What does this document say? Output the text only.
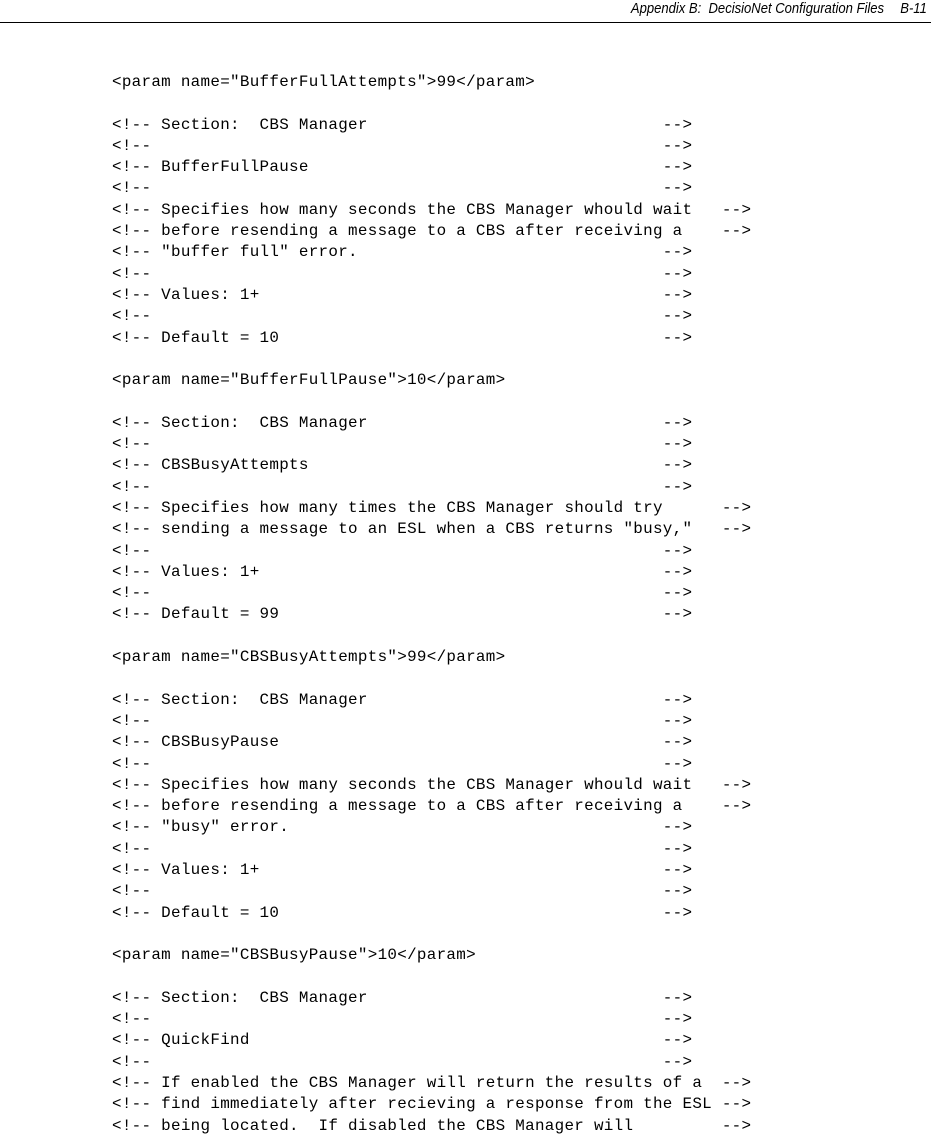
Appendix B:  DecisioNet Configuration Files B-11
<param name="BufferFullAttempts">99</param>
<!-- Section:  CBS Manager                              -->
<!--                                                    -->
<!-- BufferFullPause                                    -->
<!--                                                    -->
<!-- Specifies how many seconds the CBS Manager whould wait   -->
<!-- before resending a message to a CBS after receiving a    -->
<!-- "buffer full" error.                               -->
<!--                                                    -->
<!-- Values: 1+                                         -->
<!--                                                    -->
<!-- Default = 10                                       -->
<param name="BufferFullPause">10</param>
<!-- Section:  CBS Manager                              -->
<!--                                                    -->
<!-- CBSBusyAttempts                                    -->
<!--                                                    -->
<!-- Specifies how many times the CBS Manager should try      -->
<!-- sending a message to an ESL when a CBS returns "busy,"   -->
<!--                                                    -->
<!-- Values: 1+                                         -->
<!--                                                    -->
<!-- Default = 99                                       -->
<param name="CBSBusyAttempts">99</param>
<!-- Section:  CBS Manager                              -->
<!--                                                    -->
<!-- CBSBusyPause                                       -->
<!--                                                    -->
<!-- Specifies how many seconds the CBS Manager whould wait   -->
<!-- before resending a message to a CBS after receiving a    -->
<!-- "busy" error.                                      -->
<!--                                                    -->
<!-- Values: 1+                                         -->
<!--                                                    -->
<!-- Default = 10                                       -->
<param name="CBSBusyPause">10</param>
<!-- Section:  CBS Manager                              -->
<!--                                                    -->
<!-- QuickFind                                          -->
<!--                                                    -->
<!-- If enabled the CBS Manager will return the results of a  -->
<!-- find immediately after recieving a response from the ESL -->
<!-- being located.  If disabled the CBS Manager will         -->
